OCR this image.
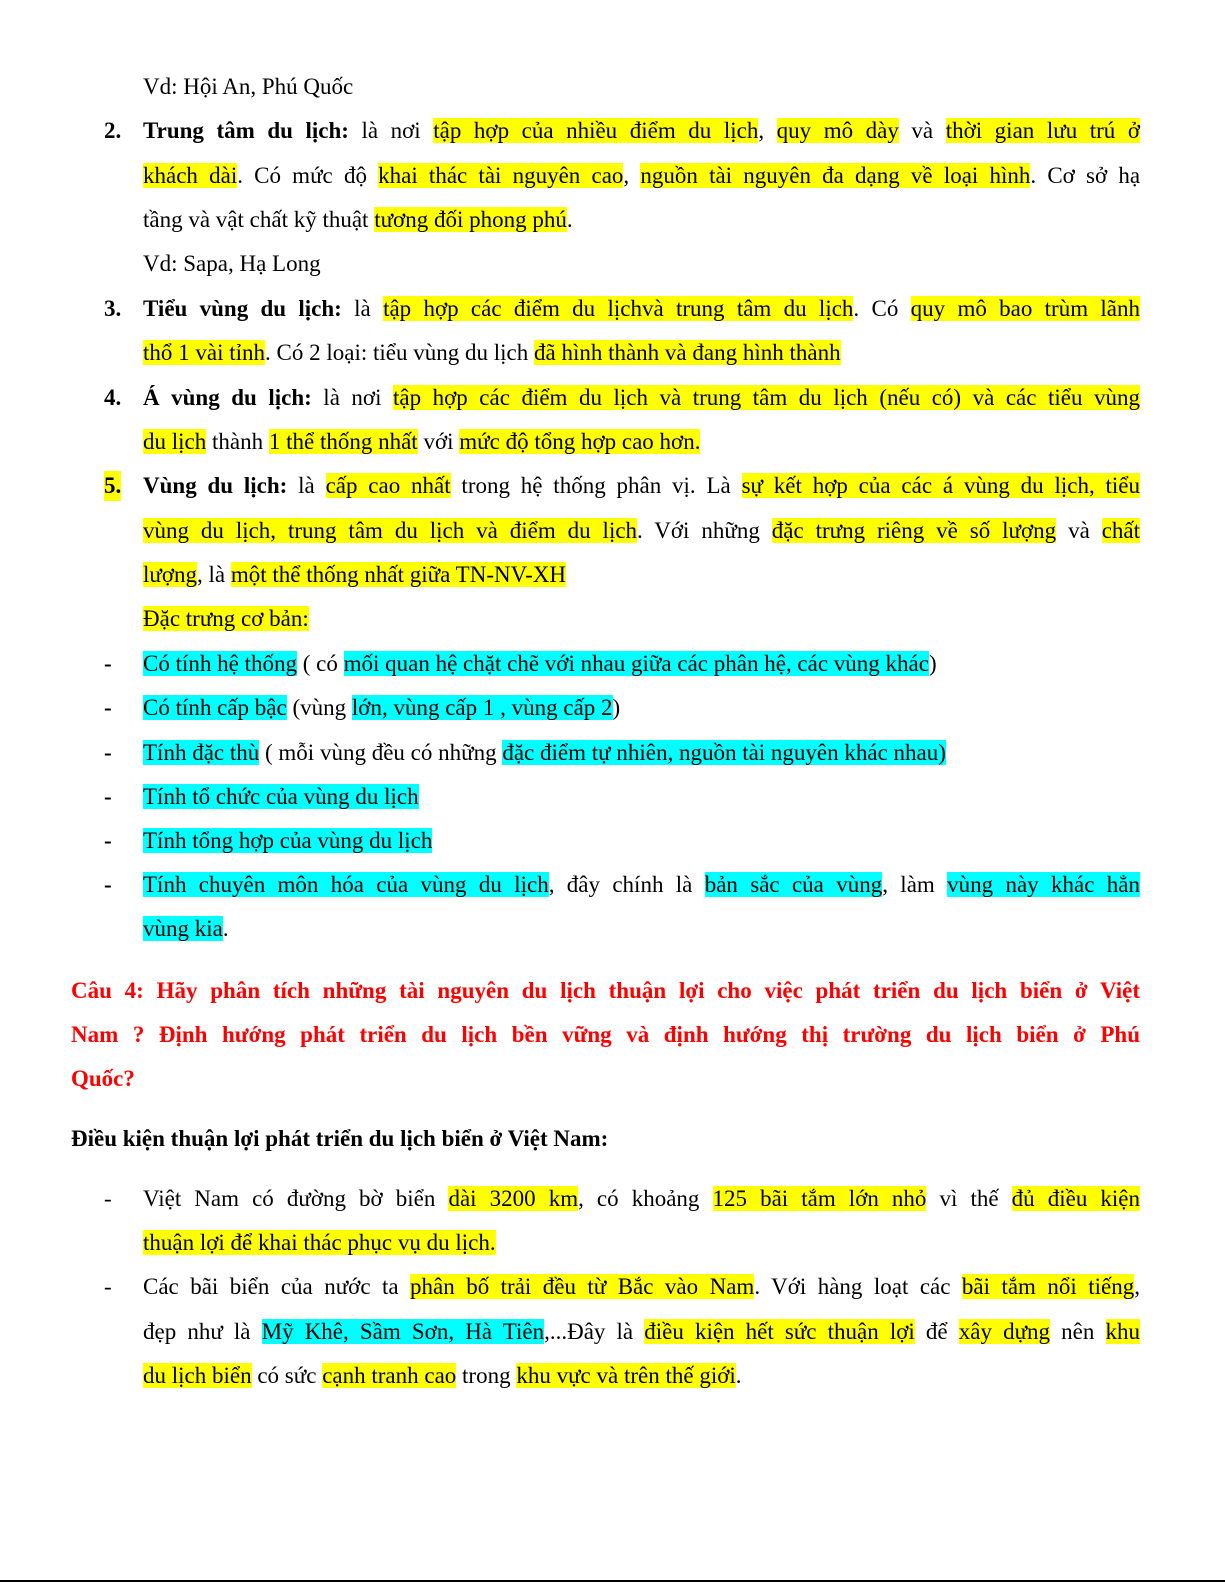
Vd: Hội An, Phú Quốc
2. Trung tâm du lịch: là nơi tập hợp của nhiều điểm du lịch, quy mô dày và thời gian lưu trú ở
khách dài. Có mức độ khai thác tài nguyên cao, nguồn tài nguyên đa dạng về loại hình. Cơ sở hạ
tầng và vật chất kỹ thuật tương đối phong phú.
Vd: Sapa, Hạ Long
3. Tiểu vùng du lịch: là tập hợp các điểm du lịchvà trung tâm du lịch. Có quy mô bao trùm lãnh
thổ 1 vài tỉnh. Có 2 loại: tiểu vùng du lịch đã hình thành và đang hình thành
4. Á vùng du lịch: là nơi tập hợp các điểm du lịch và trung tâm du lịch (nếu có) và các tiểu vùng
du lịch thành 1 thể thống nhất với mức độ tổng hợp cao hơn.
5. Vùng du lịch: là cấp cao nhất trong hệ thống phân vị. Là sự kết hợp của các á vùng du lịch, tiểu
vùng du lịch, trung tâm du lịch và điểm du lịch. Với những đặc trưng riêng về số lượng và chất
lượng, là một thể thống nhất giữa TN-NV-XH
Đặc trưng cơ bản:
- Có tính hệ thống ( có mối quan hệ chặt chẽ với nhau giữa các phân hệ, các vùng khác)
- Có tính cấp bậc (vùng lớn, vùng cấp 1 , vùng cấp 2)
- Tính đặc thù ( mỗi vùng đều có những đặc điểm tự nhiên, nguồn tài nguyên khác nhau)
- Tính tổ chức của vùng du lịch
- Tính tổng hợp của vùng du lịch
- Tính chuyên môn hóa của vùng du lịch, đây chính là bản sắc của vùng, làm vùng này khác hẳn
vùng kia.
Câu 4: Hãy phân tích những tài nguyên du lịch thuận lợi cho việc phát triển du lịch biển ở Việt
Nam ? Định hướng phát triển du lịch bền vững và định hướng thị trường du lịch biển ở Phú
Quốc?
Điều kiện thuận lợi phát triển du lịch biển ở Việt Nam:
- Việt Nam có đường bờ biển dài 3200 km, có khoảng 125 bãi tắm lớn nhỏ vì thế đủ điều kiện
thuận lợi để khai thác phục vụ du lịch.
- Các bãi biển của nước ta phân bố trải đều từ Bắc vào Nam. Với hàng loạt các bãi tắm nổi tiếng,
đẹp như là Mỹ Khê, Sầm Sơn, Hà Tiên,...Đây là điều kiện hết sức thuận lợi để xây dựng nên khu
du lịch biển có sức cạnh tranh cao trong khu vực và trên thế giới.
